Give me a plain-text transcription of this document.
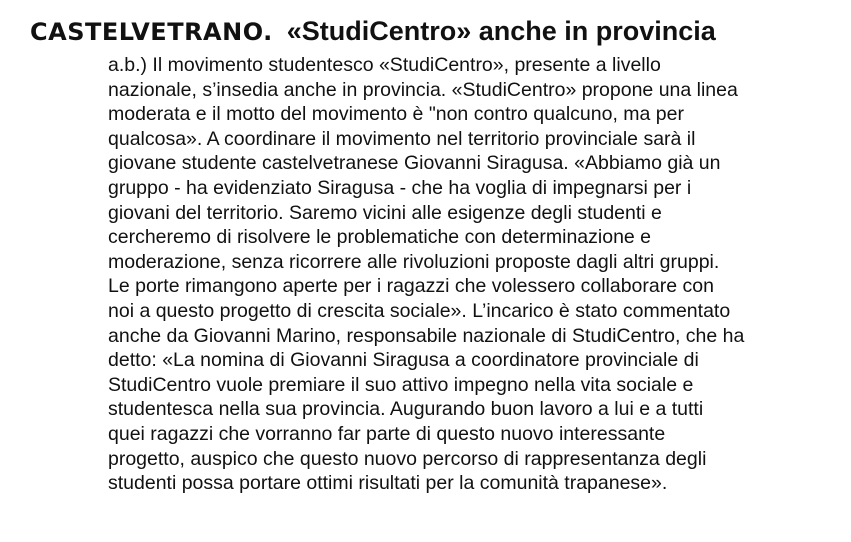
CASTELVETRANO. «StudiCentro» anche in provincia
a.b.) Il movimento studentesco «StudiCentro», presente a livello
nazionale, s’insedia anche in provincia. «StudiCentro» propone una linea
moderata e il motto del movimento è "non contro qualcuno, ma per
qualcosa». A coordinare il movimento nel territorio provinciale sarà il
giovane studente castelvetranese Giovanni Siragusa. «Abbiamo già un
gruppo - ha evidenziato Siragusa - che ha voglia di impegnarsi per i
giovani del territorio. Saremo vicini alle esigenze degli studenti e
cercheremo di risolvere le problematiche con determinazione e
moderazione, senza ricorrere alle rivoluzioni proposte dagli altri gruppi.
Le porte rimangono aperte per i ragazzi che volessero collaborare con
noi a questo progetto di crescita sociale». L’incarico è stato commentato
anche da Giovanni Marino, responsabile nazionale di StudiCentro, che ha
detto: «La nomina di Giovanni Siragusa a coordinatore provinciale di
StudiCentro vuole premiare il suo attivo impegno nella vita sociale e
studentesca nella sua provincia. Augurando buon lavoro a lui e a tutti
quei ragazzi che vorranno far parte di questo nuovo interessante
progetto, auspico che questo nuovo percorso di rappresentanza degli
studenti possa portare ottimi risultati per la comunità trapanese».
